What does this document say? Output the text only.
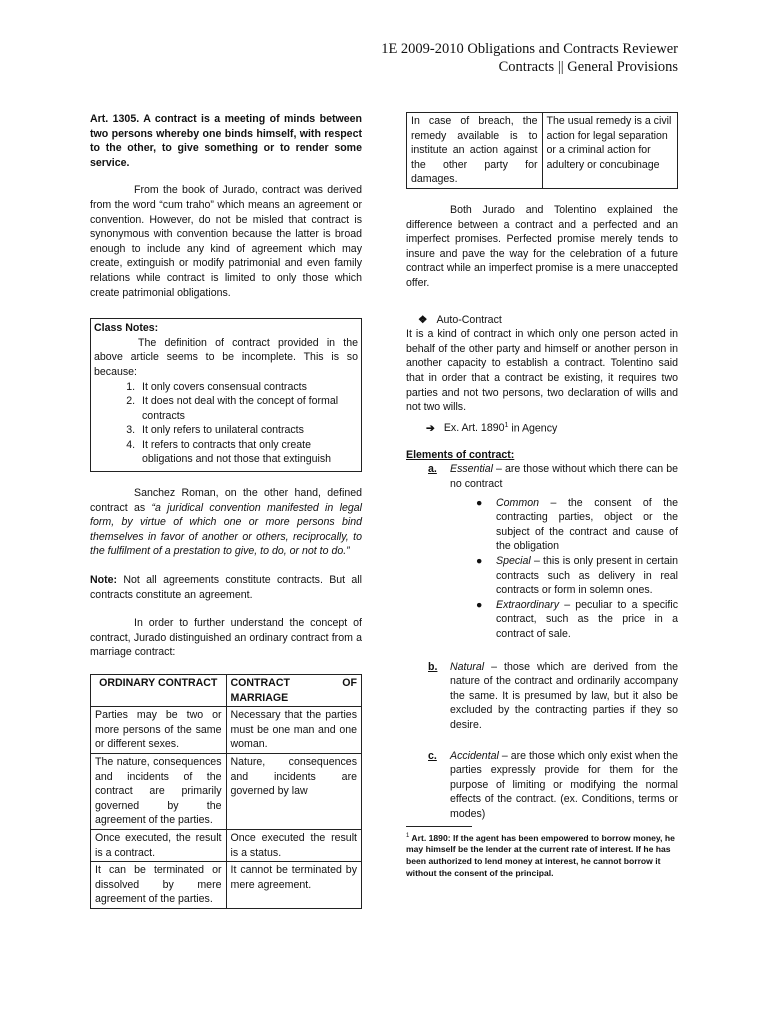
1E 2009-2010 Obligations and Contracts Reviewer
Contracts || General Provisions

Art. 1305. A contract is a meeting of minds between two persons whereby one binds himself, with respect to the other, to give something or to render some service.

From the book of Jurado, contract was derived from the word “cum traho” which means an agreement or convention. However, do not be misled that contract is synonymous with convention because the latter is broad enough to include any kind of agreement which may create, extinguish or modify patrimonial and even family relations while contract is limited to only those which create patrimonial obligations.

Class Notes:

The definition of contract provided in the above article seems to be incomplete. This is so because:

1. It only covers consensual contracts
2. It does not deal with the concept of formal contracts
3. It only refers to unilateral contracts
4. It refers to contracts that only create obligations and not those that extinguish

Sanchez Roman, on the other hand, defined contract as “a juridical convention manifested in legal form, by virtue of which one or more persons bind themselves in favor of another or others, reciprocally, to the fulfilment of a prestation to give, to do, or not to do.”

Note: Not all agreements constitute contracts. But all contracts constitute an agreement.

In order to further understand the concept of contract, Jurado distinguished an ordinary contract from a marriage contract:

ORDINARY CONTRACT	CONTRACT OF MARRIAGE
Parties may be two or more persons of the same or different sexes.	Necessary that the parties must be one man and one woman.
The nature, consequences and incidents of the contract are primarily governed by the agreement of the parties.	Nature, consequences and incidents are governed by law
Once executed, the result is a contract.	Once executed the result is a status.
It can be terminated or dissolved by mere agreement of the parties.	It cannot be terminated by mere agreement.
In case of breach, the remedy available is to institute an action against the other party for damages.	The usual remedy is a civil action for legal separation or a criminal action for adultery or concubinage

Both Jurado and Tolentino explained the difference between a contract and a perfected and an imperfect promises. Perfected promise merely tends to insure and pave the way for the celebration of a future contract while an imperfect promise is a mere unaccepted offer.

❖ Auto-Contract

It is a kind of contract in which only one person acted in behalf of the other party and himself or another person in another capacity to establish a contract. Tolentino said that in order that a contract be existing, it requires two parties and not two persons, two declaration of wills and not two wills.

➔ Ex. Art. 1890$^1$ in Agency
Elements of contract:
a. Essential – are those without which there can be no contract
● Common – the consent of the contracting parties, object or the subject of the contract and cause of the obligation
● Special – this is only present in certain contracts such as delivery in real contracts or form in solemn ones.
● Extraordinary – peculiar to a specific contract, such as the price in a contract of sale.
b. Natural – those which are derived from the nature of the contract and ordinarily accompany the same. It is presumed by law, but it also be excluded by the contracting parties if they so desire.
c. Accidental – are those which only exist when the parties expressly provide for them for the purpose of limiting or modifying the normal effects of the contract. (ex. Conditions, terms or modes)

$^1$ Art. 1890: If the agent has been empowered to borrow money, he may himself be the lender at the current rate of interest. If he has been authorized to lend money at interest, he cannot borrow it without the consent of the principal.
